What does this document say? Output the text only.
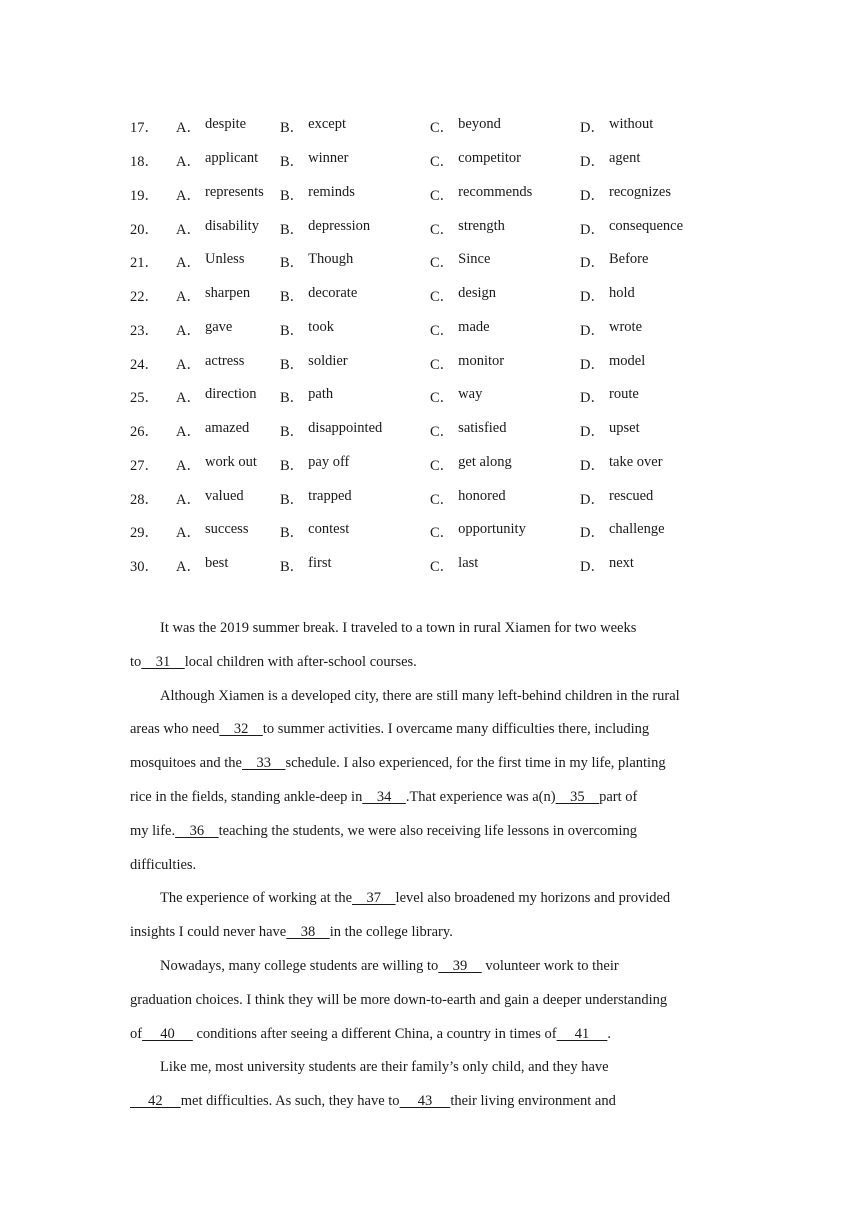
17．	A． despite B． except	C． beyond	D． without
18．	A． applicant B． winner	C． competitor	D． agent
19．	A． represents B． reminds	C． recommends	D． recognizes
20．	A． disability B． depression	C． strength	D． consequence
21．	A． Unless B． Though	C． Since	D． Before
22．	A． sharpen B． decorate	C． design	D． hold
23．	A． gave	B． took	C． made	D． wrote
24．	A． actress B． soldier	C． monitor	D． model
25．	A． direction B． path	C． way	D． route
26．	A． amazed B． disappointed	C． satisfied	D． upset
27．	A． work out B． pay off	C． get along	D． take over
28．	A． valued	B． trapped	C． honored	D． rescued
29．	A． success B． contest	C． opportunity	D． challenge
30．	A． best	B． first	C． last	D． next
It was the 2019 summer break. I traveled to a town in rural Xiamen for two weeks
to    31    local children with after-school courses.
Although Xiamen is a developed city, there are still many left-behind children in the rural
areas who need    32    to summer activities. I overcame many difficulties there, including
mosquitoes and the    33    schedule. I also experienced, for the first time in my life, planting
rice in the fields, standing ankle-deep in    34    .That experience was a(n)    35    part of
my life.    36    teaching the students, we were also receiving life lessons in overcoming
difficulties.
The experience of working at the    37    level also broadened my horizons and provided
insights I could never have    38    in the college library.
Nowadays, many college students are willing to    39     volunteer work to their
graduation choices. I think they will be more down-to-earth and gain a deeper understanding
of     40      conditions after seeing a different China, a country in times of     41     .
Like me, most university students are their family’s only child, and they have
42     met difficulties. As such, they have to     43     their living environment and
